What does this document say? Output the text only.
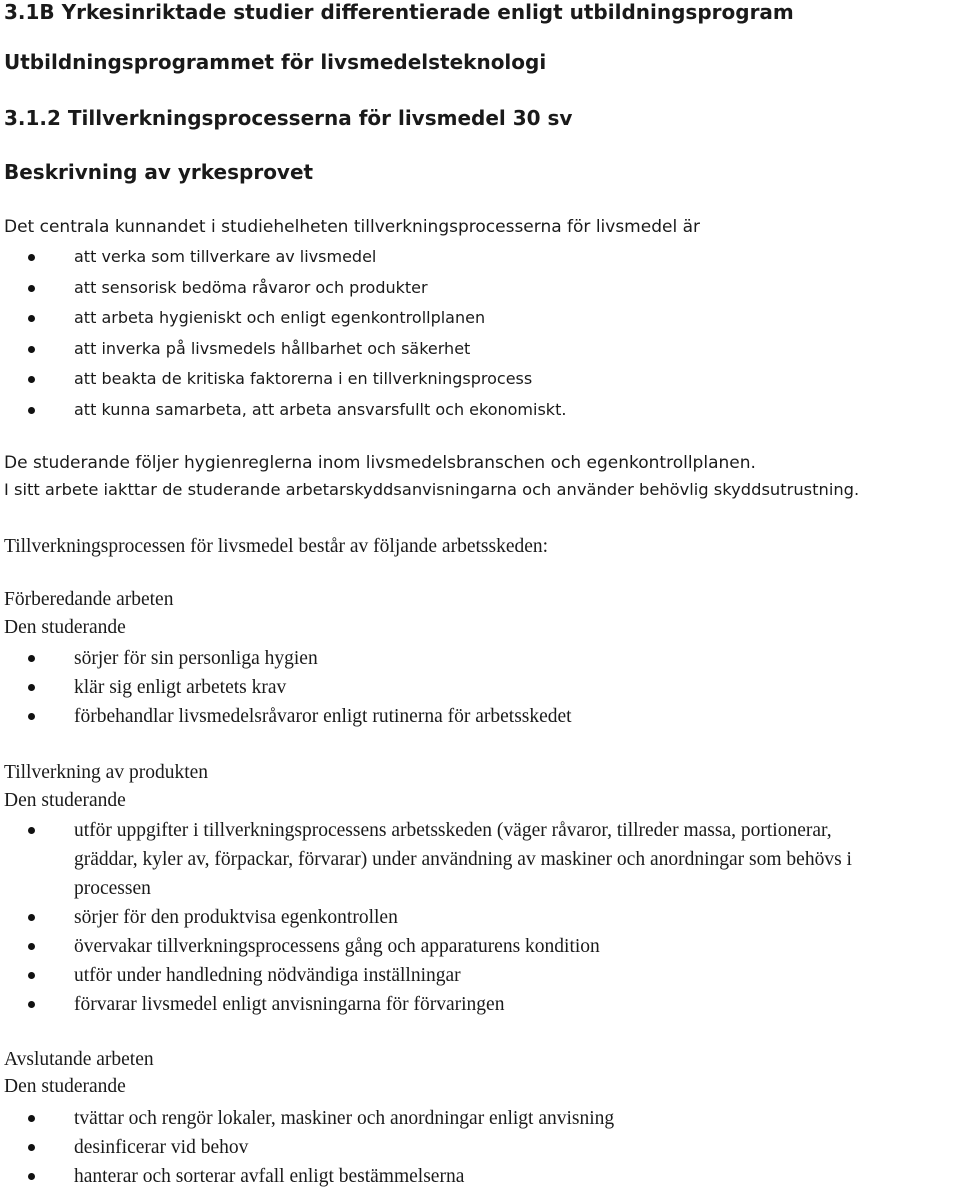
3.1B Yrkesinriktade studier differentierade enligt utbildningsprogram
Utbildningsprogrammet för livsmedelsteknologi
3.1.2 Tillverkningsprocesserna för livsmedel 30 sv
Beskrivning av yrkesprovet
Det centrala kunnandet i studiehelheten tillverkningsprocesserna för livsmedel är
att verka som tillverkare av livsmedel
att sensorisk bedöma råvaror och produkter
att arbeta hygieniskt och enligt egenkontrollplanen
att inverka på livsmedels hållbarhet och säkerhet
att beakta de kritiska faktorerna i en tillverkningsprocess
att kunna samarbeta, att arbeta ansvarsfullt och ekonomiskt.
De studerande följer hygienreglerna inom livsmedelsbranschen och egenkontrollplanen.
I sitt arbete iakttar de studerande arbetarskyddsanvisningarna och använder behövlig skyddsutrustning.
Tillverkningsprocessen för livsmedel består av följande arbetsskeden:
Förberedande arbeten
Den studerande
sörjer för sin personliga hygien
klär sig enligt arbetets krav
förbehandlar livsmedelsråvaror enligt rutinerna för arbetsskedet
Tillverkning av produkten
Den studerande
utför uppgifter i tillverkningsprocessens arbetsskeden (väger råvaror, tillreder massa, portionerar, gräddar, kyler av, förpackar, förvarar) under användning av maskiner och anordningar som behövs i processen
sörjer för den produktvisa egenkontrollen
övervakar tillverkningsprocessens gång och apparaturens kondition
utför under handledning nödvändiga inställningar
förvarar livsmedel enligt anvisningarna för förvaringen
Avslutande arbeten
Den studerande
tvättar och rengör lokaler, maskiner och anordningar enligt anvisning
desinficerar vid behov
hanterar och sorterar avfall enligt bestämmelserna
